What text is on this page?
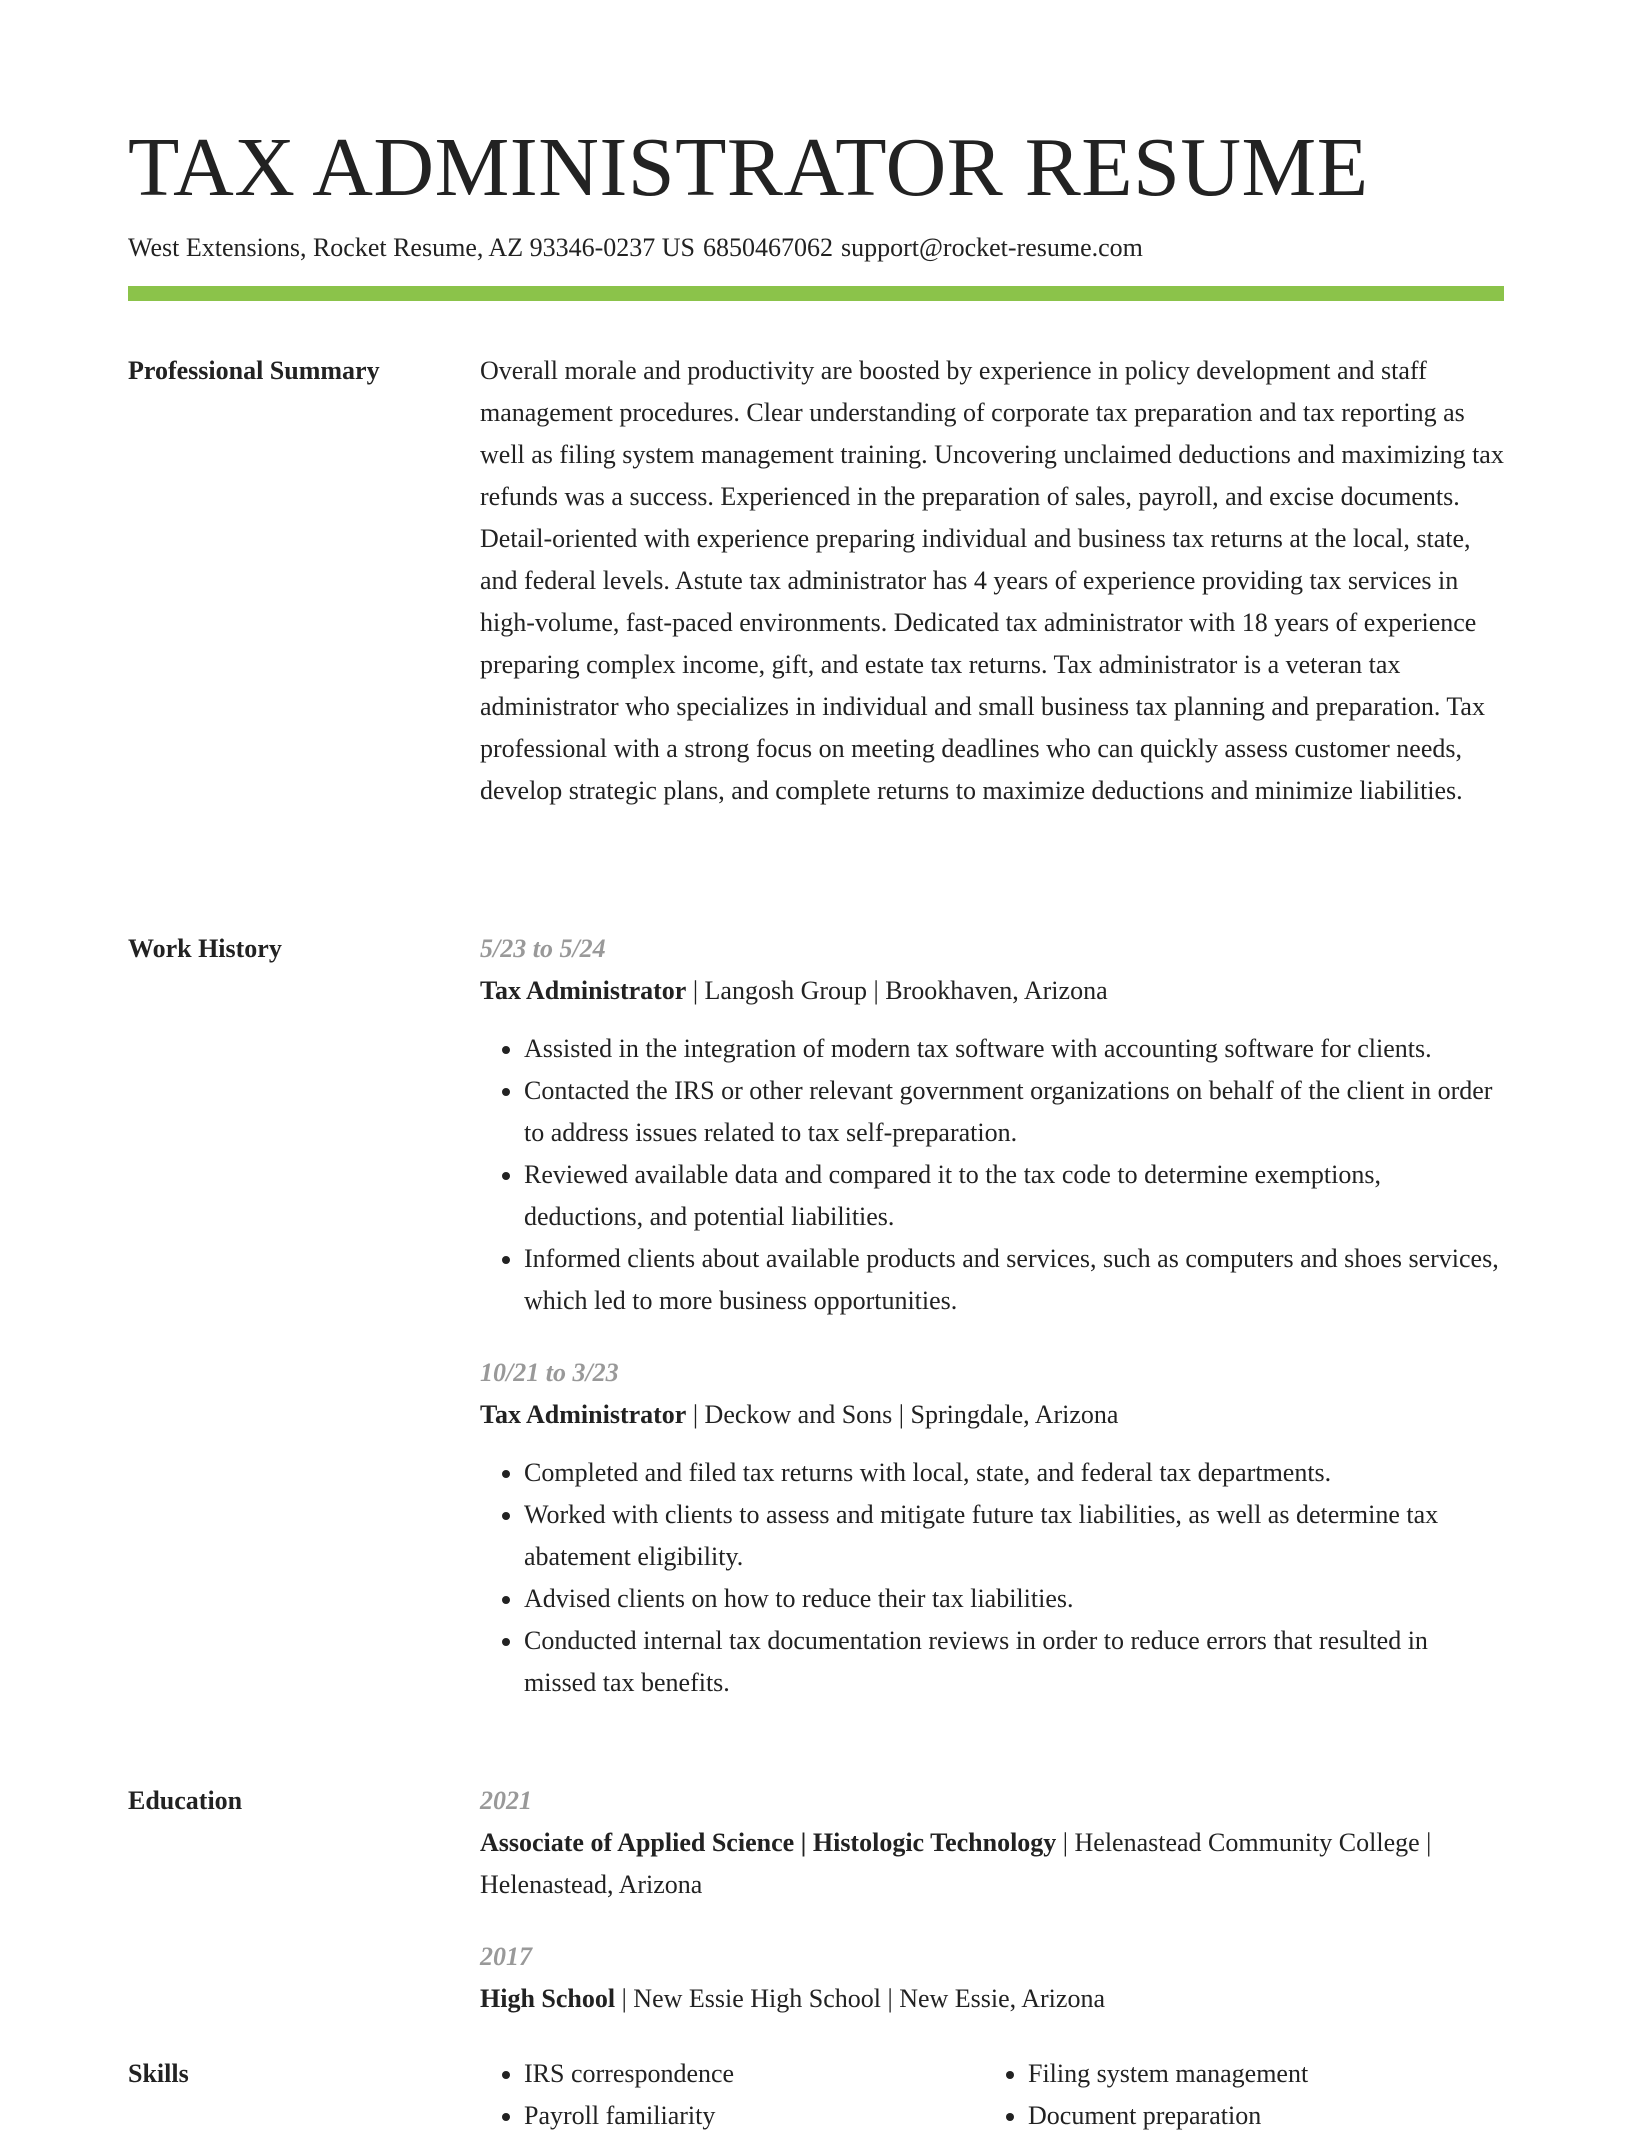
TAX ADMINISTRATOR RESUME
West Extensions, Rocket Resume, AZ 93346-0237 US 6850467062 support@rocket-resume.com
Professional Summary	Overall morale and productivity are boosted by experience in policy development and staff management procedures. Clear understanding of corporate tax preparation and tax reporting as well as filing system management training. Uncovering unclaimed deductions and maximizing tax refunds was a success. Experienced in the preparation of sales, payroll, and excise documents. Detail-oriented with experience preparing individual and business tax returns at the local, state, and federal levels. Astute tax administrator has 4 years of experience providing tax services in high-volume, fast-paced environments. Dedicated tax administrator with 18 years of experience preparing complex income, gift, and estate tax returns. Tax administrator is a veteran tax administrator who specializes in individual and small business tax planning and preparation. Tax professional with a strong focus on meeting deadlines who can quickly assess customer needs, develop strategic plans, and complete returns to maximize deductions and minimize liabilities.

Work History	5/23 to 5/24
Tax Administrator | Langosh Group | Brookhaven, Arizona
• Assisted in the integration of modern tax software with accounting software for clients.
• Contacted the IRS or other relevant government organizations on behalf of the client in order to address issues related to tax self-preparation.
• Reviewed available data and compared it to the tax code to determine exemptions, deductions, and potential liabilities.
• Informed clients about available products and services, such as computers and shoes services, which led to more business opportunities.
10/21 to 3/23
Tax Administrator | Deckow and Sons | Springdale, Arizona
• Completed and filed tax returns with local, state, and federal tax departments.
• Worked with clients to assess and mitigate future tax liabilities, as well as determine tax abatement eligibility.
• Advised clients on how to reduce their tax liabilities.
• Conducted internal tax documentation reviews in order to reduce errors that resulted in missed tax benefits.
Education	2021
Associate of Applied Science | Histologic Technology | Helenastead Community College | Helenastead, Arizona
2017
High School | New Essie High School | New Essie, Arizona
Skills
•	IRS correspondence
• Payroll familiarity
• Filing system management
• Document preparation
